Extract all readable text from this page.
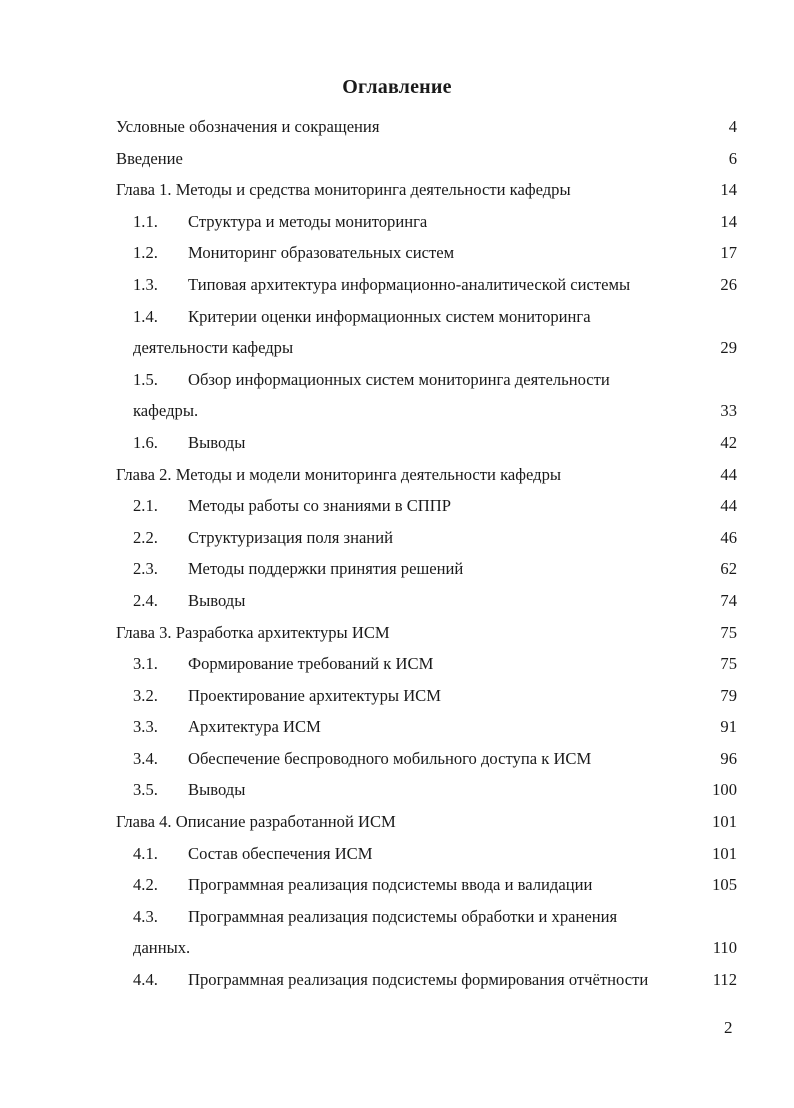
Оглавление
Условные обозначения и сокращения .....	4
Введение .....	6
Глава 1. Методы и средства мониторинга деятельности кафедры .....	14
1.1.	Структура и методы мониторинга .....	14
1.2.	Мониторинг образовательных систем .....	17
1.3.	Типовая архитектура информационно-аналитической системы .....	26
1.4.	Критерии оценки информационных систем мониторинга
деятельности кафедры .....	29
1.5.	Обзор информационных систем мониторинга деятельности
кафедры. .....	33
1.6.	Выводы .....	42
Глава 2. Методы и модели мониторинга деятельности кафедры .....	44
2.1.	Методы работы со знаниями в СППР .....	44
2.2.	Структуризация поля знаний .....	46
2.3.	Методы поддержки принятия решений .....	62
2.4.	Выводы .....	74
Глава 3. Разработка архитектуры ИСМ .....	75
3.1.	Формирование требований к ИСМ .....	75
3.2.	Проектирование архитектуры ИСМ .....	79
3.3.	Архитектура ИСМ .....	91
3.4.	Обеспечение беспроводного мобильного доступа к ИСМ .....	96
3.5.	Выводы .....	100
Глава 4. Описание разработанной ИСМ .....	101
4.1.	Состав обеспечения ИСМ .....	101
4.2.	Программная реализация подсистемы ввода и валидации .....	105
4.3.	Программная реализация подсистемы обработки и хранения
данных. .....	110
4.4.	Программная реализация подсистемы формирования отчётности	112
2
